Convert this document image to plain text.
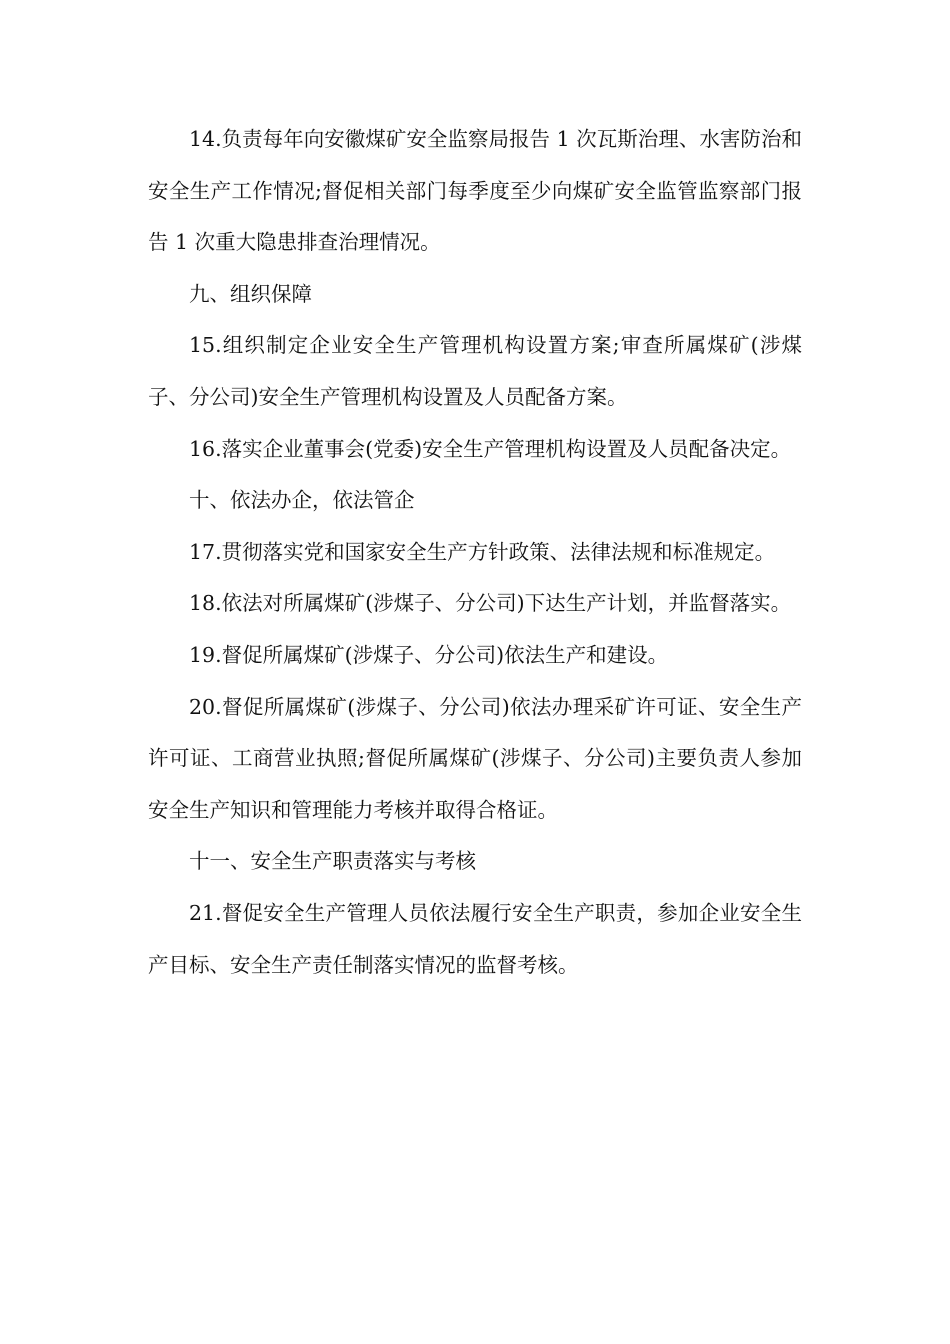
14.负责每年向安徽煤矿安全监察局报告 1 次瓦斯治理、水害防治和安全生产工作情况;督促相关部门每季度至少向煤矿安全监管监察部门报告 1 次重大隐患排查治理情况。

九、组织保障

15.组织制定企业安全生产管理机构设置方案;审查所属煤矿(涉煤子、分公司)安全生产管理机构设置及人员配备方案。

16.落实企业董事会(党委)安全生产管理机构设置及人员配备决定。

十、依法办企，依法管企

17.贯彻落实党和国家安全生产方针政策、法律法规和标准规定。

18.依法对所属煤矿(涉煤子、分公司)下达生产计划，并监督落实。

19.督促所属煤矿(涉煤子、分公司)依法生产和建设。

20.督促所属煤矿(涉煤子、分公司)依法办理采矿许可证、安全生产许可证、工商营业执照;督促所属煤矿(涉煤子、分公司)主要负责人参加安全生产知识和管理能力考核并取得合格证。

十一、安全生产职责落实与考核

21.督促安全生产管理人员依法履行安全生产职责，参加企业安全生产目标、安全生产责任制落实情况的监督考核。
